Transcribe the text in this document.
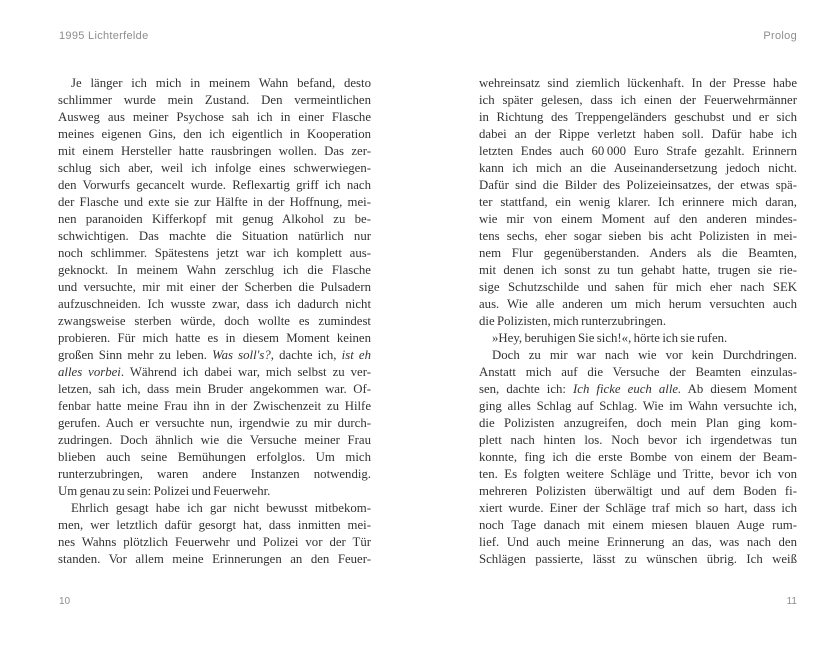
1995 Lichterfelde
Je länger ich mich in meinem Wahn befand, desto
schlimmer wurde mein Zustand. Den vermeintlichen
Ausweg aus meiner Psychose sah ich in einer Flasche
meines eigenen Gins, den ich eigentlich in Kooperation
mit einem Hersteller hatte rausbringen wollen. Das zer-
schlug sich aber, weil ich infolge eines schwerwiegen-
den Vorwurfs gecancelt wurde. Reflexartig griff ich nach
der Flasche und exte sie zur Hälfte in der Hoffnung, mei-
nen paranoiden Kifferkopf mit genug Alkohol zu be-
schwichtigen. Das machte die Situation natürlich nur
noch schlimmer. Spätestens jetzt war ich komplett aus-
geknockt. In meinem Wahn zerschlug ich die Flasche
und versuchte, mir mit einer der Scherben die Pulsadern
aufzuschneiden. Ich wusste zwar, dass ich dadurch nicht
zwangsweise sterben würde, doch wollte es zumindest
probieren. Für mich hatte es in diesem Moment keinen
großen Sinn mehr zu leben. Was soll's?, dachte ich, ist eh
alles vorbei. Während ich dabei war, mich selbst zu ver-
letzen, sah ich, dass mein Bruder angekommen war. Of-
fenbar hatte meine Frau ihn in der Zwischenzeit zu Hilfe
gerufen. Auch er versuchte nun, irgendwie zu mir durch-
zudringen. Doch ähnlich wie die Versuche meiner Frau
blieben auch seine Bemühungen erfolglos. Um mich
runterzubringen, waren andere Instanzen notwendig.
Um genau zu sein: Polizei und Feuerwehr.
Ehrlich gesagt habe ich gar nicht bewusst mitbekom-
men, wer letztlich dafür gesorgt hat, dass inmitten mei-
nes Wahns plötzlich Feuerwehr und Polizei vor der Tür
standen. Vor allem meine Erinnerungen an den Feuer-
10
Prolog
wehreinsatz sind ziemlich lückenhaft. In der Presse habe
ich später gelesen, dass ich einen der Feuerwehrmänner
in Richtung des Treppengeländers geschubst und er sich
dabei an der Rippe verletzt haben soll. Dafür habe ich
letzten Endes auch 60 000 Euro Strafe gezahlt. Erinnern
kann ich mich an die Auseinandersetzung jedoch nicht.
Dafür sind die Bilder des Polizeieinsatzes, der etwas spä-
ter stattfand, ein wenig klarer. Ich erinnere mich daran,
wie mir von einem Moment auf den anderen mindes-
tens sechs, eher sogar sieben bis acht Polizisten in mei-
nem Flur gegenüberstanden. Anders als die Beamten,
mit denen ich sonst zu tun gehabt hatte, trugen sie rie-
sige Schutzschilde und sahen für mich eher nach SEK
aus. Wie alle anderen um mich herum versuchten auch
die Polizisten, mich runterzubringen.
»Hey, beruhigen Sie sich!«, hörte ich sie rufen.
Doch zu mir war nach wie vor kein Durchdringen.
Anstatt mich auf die Versuche der Beamten einzulas-
sen, dachte ich: Ich ficke euch alle. Ab diesem Moment
ging alles Schlag auf Schlag. Wie im Wahn versuchte ich,
die Polizisten anzugreifen, doch mein Plan ging kom-
plett nach hinten los. Noch bevor ich irgendetwas tun
konnte, fing ich die erste Bombe von einem der Beam-
ten. Es folgten weitere Schläge und Tritte, bevor ich von
mehreren Polizisten überwältigt und auf dem Boden fi-
xiert wurde. Einer der Schläge traf mich so hart, dass ich
noch Tage danach mit einem miesen blauen Auge rum-
lief. Und auch meine Erinnerung an das, was nach den
Schlägen passierte, lässt zu wünschen übrig. Ich weiß
11
